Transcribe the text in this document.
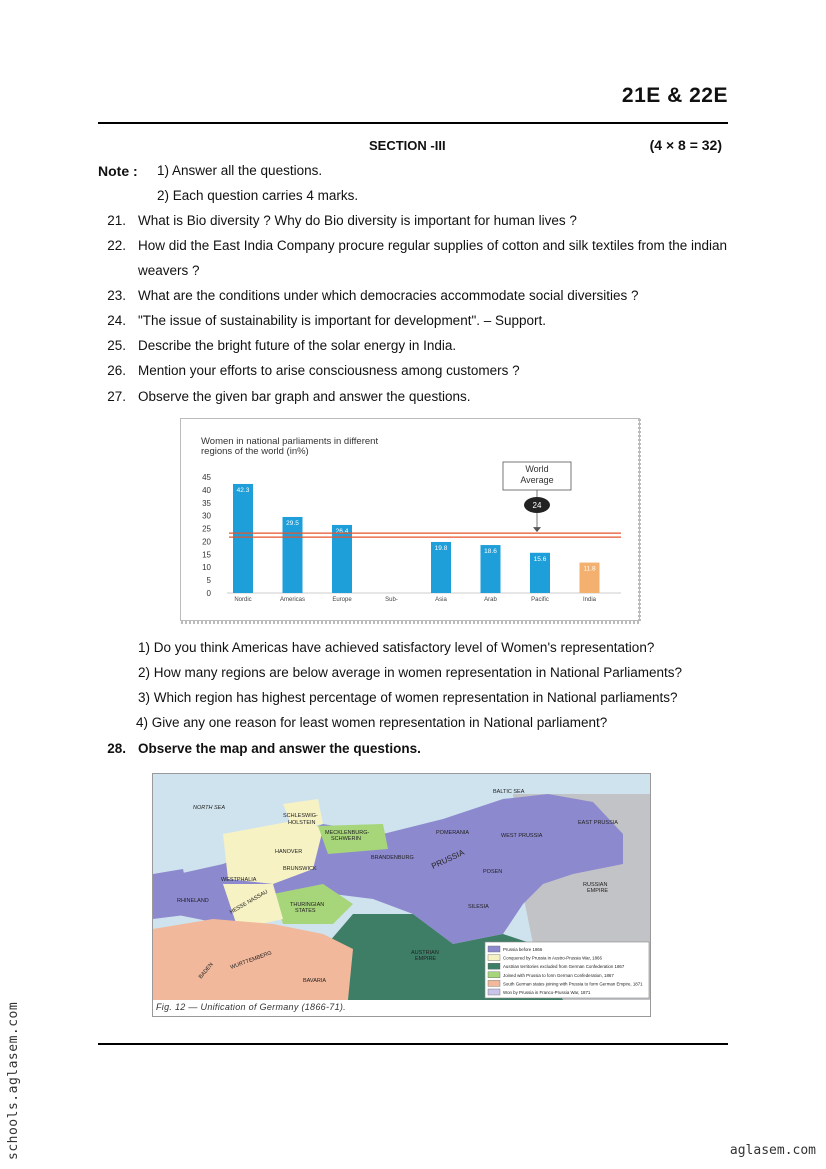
21E & 22E
SECTION -III	(4 × 8 = 32)
Note : 1) Answer all the questions.
2) Each question carries 4 marks.
21. What is Bio diversity ? Why do Bio diversity is important for human lives ?
22. How did the East India Company procure regular supplies of cotton and silk textiles from the indian
weavers ?
23. What are the conditions under which democracies accommodate social diversities ?
24. "The issue of sustainability is important for development". – Support.
25. Describe the bright future of the solar energy in India.
26. Mention your efforts to arise consciousness among customers ?
27. Observe the given bar graph and answer the questions.
Women in national parliaments in different
regions of the world (in%)
45
40
35
30
25
20
15
10
5
0
42.3
Nordic
29.5
Americas
26.4
Europe	Sub-
19.8
Asia
18.6
Arab
15.6
Pacific
11.8
India
World
Average
24
1) Do you think Americas have achieved satisfactory level of Women's representation?
2) How many regions are below average in women representation in National Parliaments?
3) Which region has highest percentage of women representation in National parliaments?
4) Give any one reason for least women representation in National parliament?
28. Observe the map and answer the questions.
BALTIC SEA
NORTH SEA
SCHLESWIG-
HOLSTEIN
MECKLENBURG-
SCHWERIN
POMERANIA
EAST PRUSSIA
WEST PRUSSIA
HANOVER
BRANDENBURG PRUSSIA
BRUNSWICK	POSEN
WESTPHALIA
RUSSIAN
EMPIRE
RHINELAND	HESSE NASSAU	THURINGIAN
STATES
SILESIA
AUSTRIAN
EMPIRE
WURTTEMBERG
BADEN
BAVARIA
Prussia before 1866
Conquered by Prussia in Austro-Prussia War, 1866
Austrian territories excluded from German Confederation 1867
Joined with Prussia to form German Confederation, 1867
South German states joining with Prussia to form German Empire, 1871
Won by Prussia in Franco-Prussia War, 1871
Fig. 12 — Unification of Germany (1866-71).
schools.aglasem.com	aglasem.com
